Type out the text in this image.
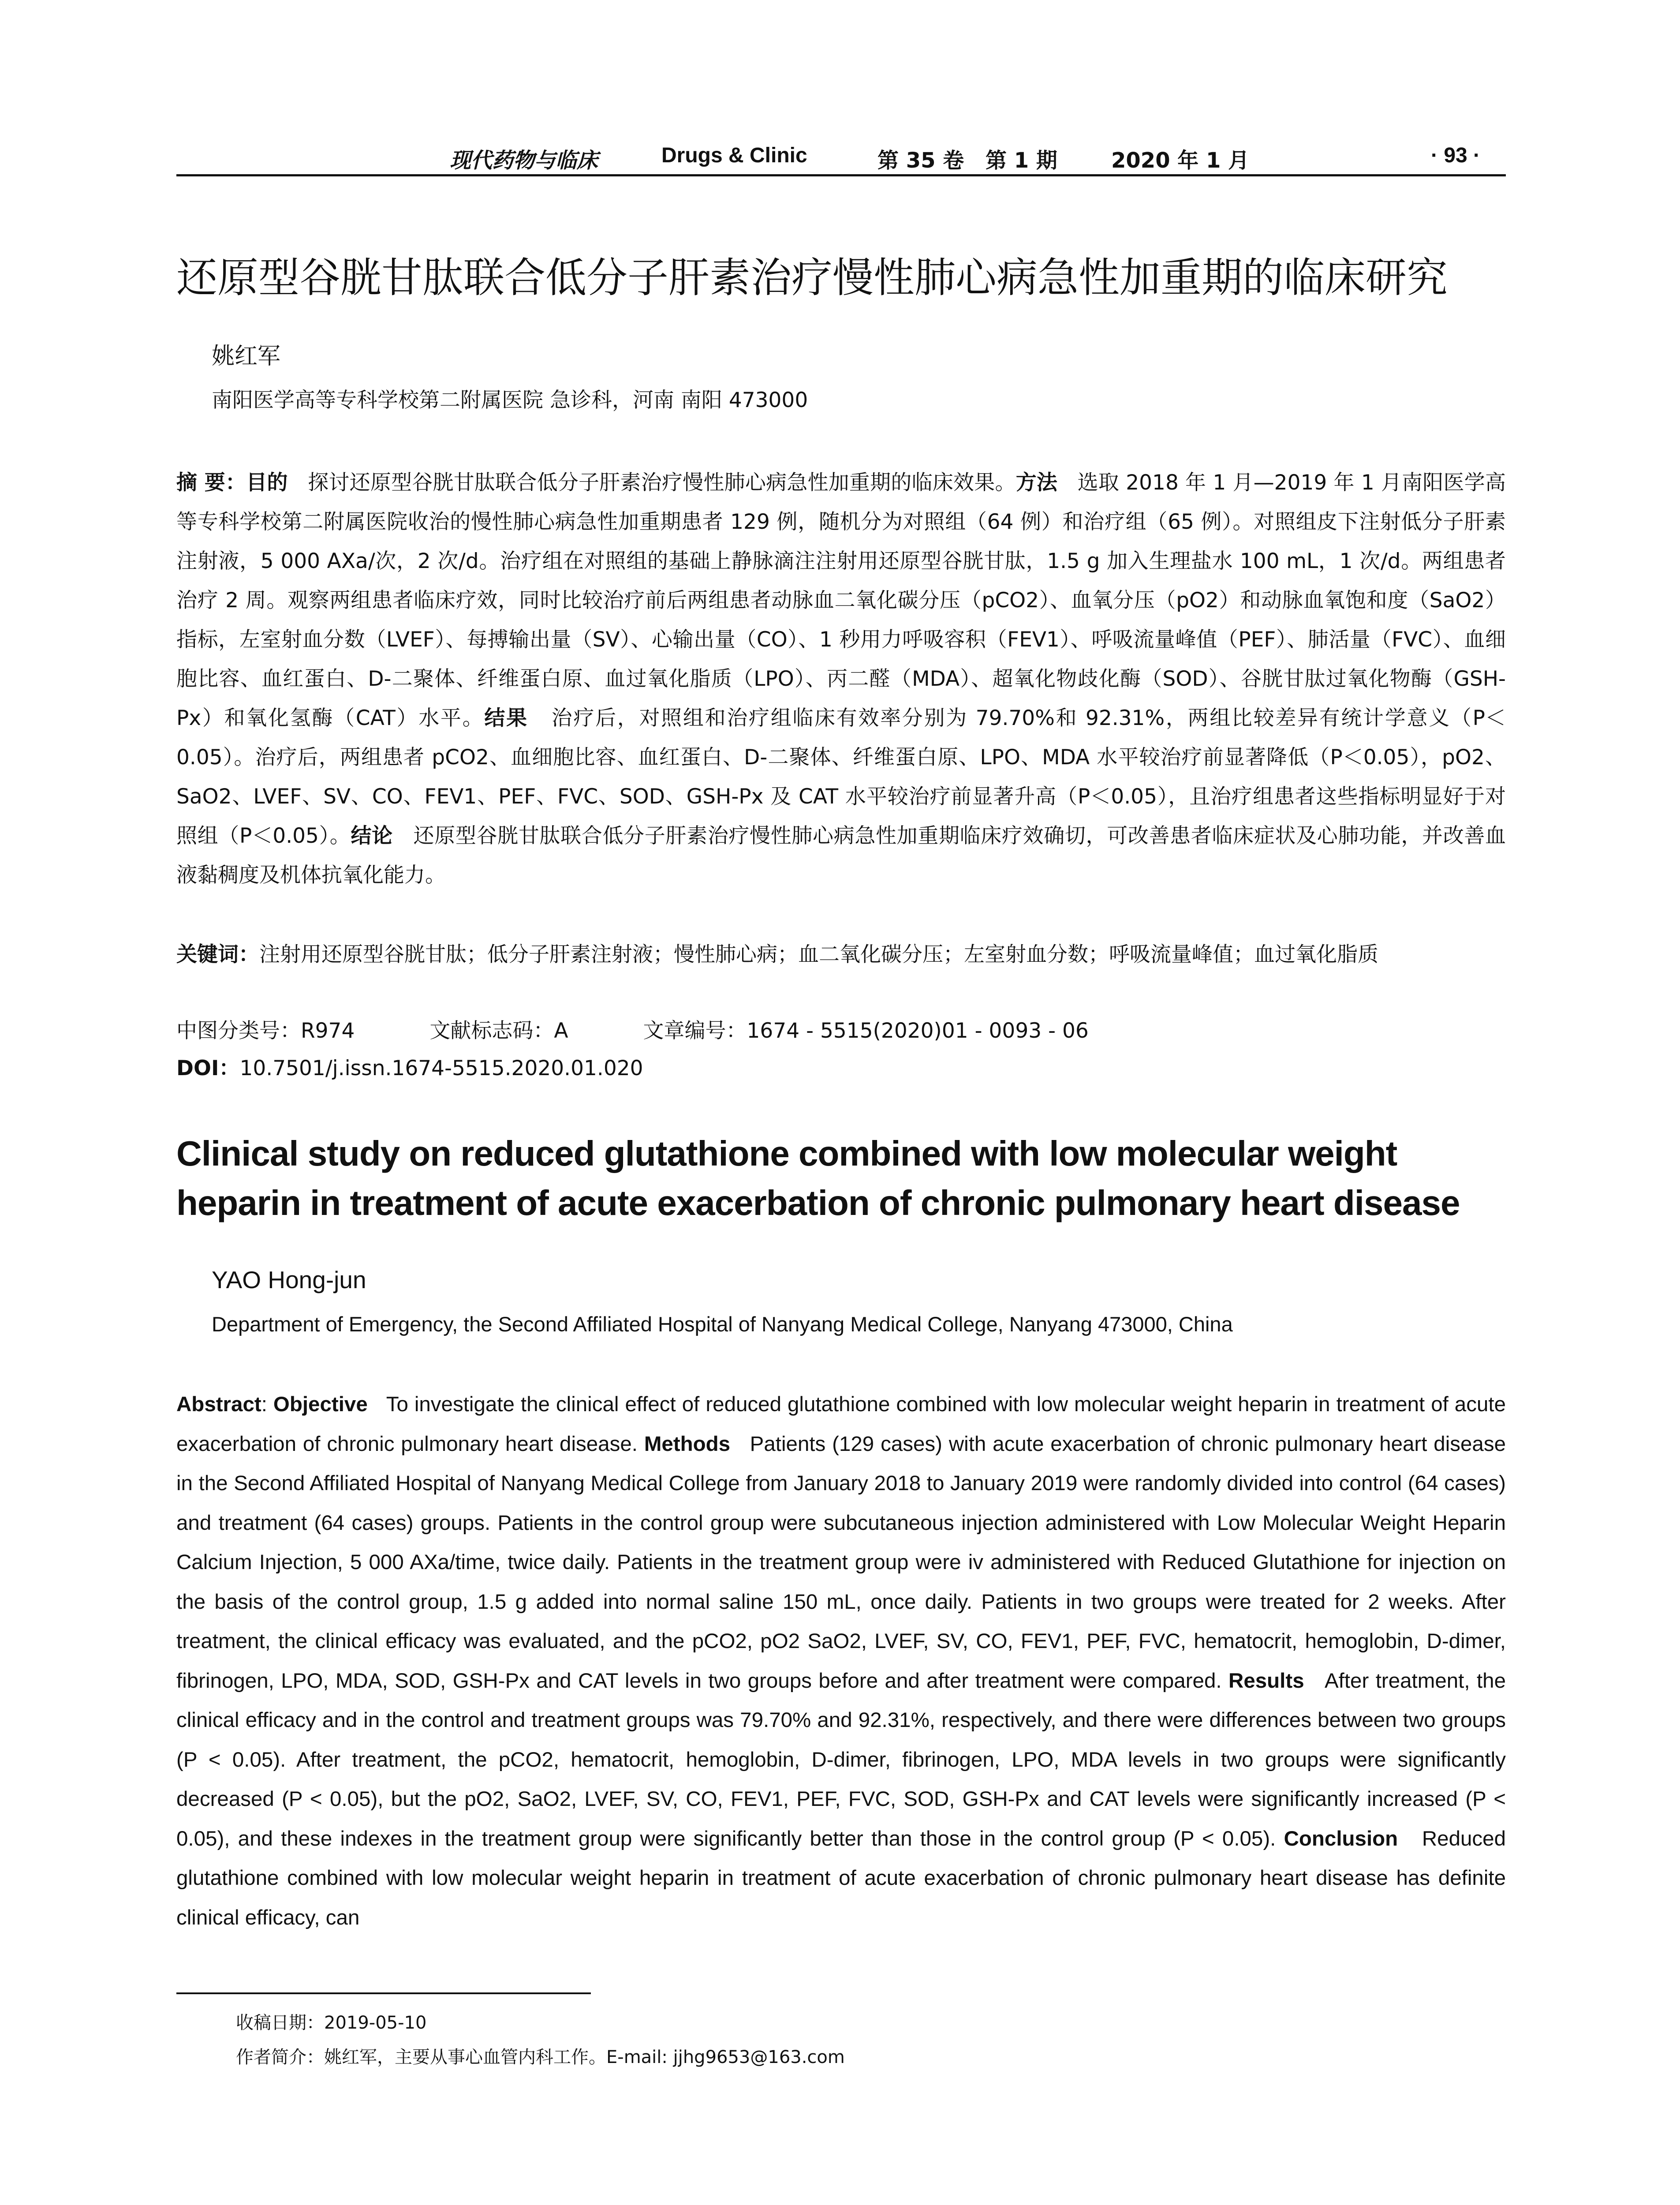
现代药物与临床	Drugs & Clinic	第 35 卷 第 1 期	2020 年 1 月	· 93 ·
还原型谷胱甘肽联合低分子肝素治疗慢性肺心病急性加重期的临床研究
姚红军
南阳医学高等专科学校第二附属医院 急诊科，河南 南阳 473000
摘 要：目的 探讨还原型谷胱甘肽联合低分子肝素治疗慢性肺心病急性加重期的临床效果。方法 选取 2018 年 1 月—2019 年 1 月南阳医学高等专科学校第二附属医院收治的慢性肺心病急性加重期患者 129 例，随机分为对照组（64 例）和治疗组（65 例）。对照组皮下注射低分子肝素注射液，5 000 AXa/次，2 次/d。治疗组在对照组的基础上静脉滴注注射用还原型谷胱甘肽，1.5 g 加入生理盐水 100 mL，1 次/d。两组患者治疗 2 周。观察两组患者临床疗效，同时比较治疗前后两组患者动脉血二氧化碳分压（pCO2）、血氧分压（pO2）和动脉血氧饱和度（SaO2）指标，左室射血分数（LVEF）、每搏输出量（SV）、心输出量（CO）、1 秒用力呼吸容积（FEV1）、呼吸流量峰值（PEF）、肺活量（FVC）、血细胞比容、血红蛋白、D-二聚体、纤维蛋白原、血过氧化脂质（LPO）、丙二醛（MDA）、超氧化物歧化酶（SOD）、谷胱甘肽过氧化物酶（GSH-Px）和氧化氢酶（CAT）水平。结果 治疗后，对照组和治疗组临床有效率分别为 79.70%和 92.31%，两组比较差异有统计学意义（P＜0.05）。治疗后，两组患者 pCO2、血细胞比容、血红蛋白、D-二聚体、纤维蛋白原、LPO、MDA 水平较治疗前显著降低（P＜0.05），pO2、SaO2、LVEF、SV、CO、FEV1、PEF、FVC、SOD、GSH-Px 及 CAT 水平较治疗前显著升高（P＜0.05），且治疗组患者这些指标明显好于对照组（P＜0.05）。结论 还原型谷胱甘肽联合低分子肝素治疗慢性肺心病急性加重期临床疗效确切，可改善患者临床症状及心肺功能，并改善血液黏稠度及机体抗氧化能力。
关键词：注射用还原型谷胱甘肽；低分子肝素注射液；慢性肺心病；血二氧化碳分压；左室射血分数；呼吸流量峰值；血过氧化脂质
中图分类号：R974	文献标志码：A	文章编号：1674 - 5515(2020)01 - 0093 - 06
DOI：10.7501/j.issn.1674-5515.2020.01.020
Clinical study on reduced glutathione combined with low molecular weight heparin in treatment of acute exacerbation of chronic pulmonary heart disease
YAO Hong-jun
Department of Emergency, the Second Affiliated Hospital of Nanyang Medical College, Nanyang 473000, China
Abstract: Objective To investigate the clinical effect of reduced glutathione combined with low molecular weight heparin in treatment of acute exacerbation of chronic pulmonary heart disease. Methods Patients (129 cases) with acute exacerbation of chronic pulmonary heart disease in the Second Affiliated Hospital of Nanyang Medical College from January 2018 to January 2019 were randomly divided into control (64 cases) and treatment (64 cases) groups. Patients in the control group were subcutaneous injection administered with Low Molecular Weight Heparin Calcium Injection, 5 000 AXa/time, twice daily. Patients in the treatment group were iv administered with Reduced Glutathione for injection on the basis of the control group, 1.5 g added into normal saline 150 mL, once daily. Patients in two groups were treated for 2 weeks. After treatment, the clinical efficacy was evaluated, and the pCO2, pO2 SaO2, LVEF, SV, CO, FEV1, PEF, FVC, hematocrit, hemoglobin, D-dimer, fibrinogen, LPO, MDA, SOD, GSH-Px and CAT levels in two groups before and after treatment were compared. Results After treatment, the clinical efficacy and in the control and treatment groups was 79.70% and 92.31%, respectively, and there were differences between two groups (P < 0.05). After treatment, the pCO2, hematocrit, hemoglobin, D-dimer, fibrinogen, LPO, MDA levels in two groups were significantly decreased (P < 0.05), but the pO2, SaO2, LVEF, SV, CO, FEV1, PEF, FVC, SOD, GSH-Px and CAT levels were significantly increased (P < 0.05), and these indexes in the treatment group were significantly better than those in the control group (P < 0.05). Conclusion Reduced glutathione combined with low molecular weight heparin in treatment of acute exacerbation of chronic pulmonary heart disease has definite clinical efficacy, can
收稿日期：2019-05-10
作者简介：姚红军，主要从事心血管内科工作。E-mail: jjhg9653@163.com
